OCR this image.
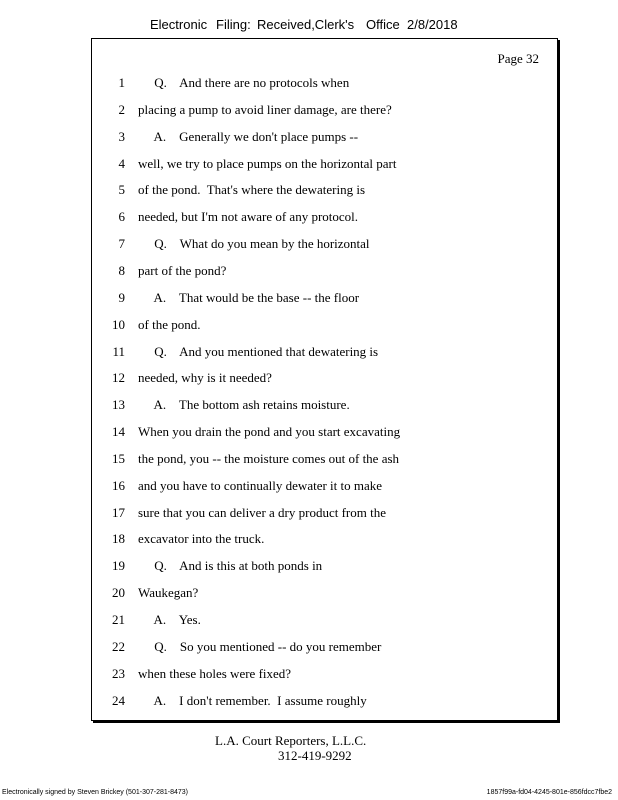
Electronic Filing: Received,Clerk's Office 2/8/2018
Page 32
1 Q.    And there are no protocols when
2 placing a pump to avoid liner damage, are there?
3 A.    Generally we don't place pumps --
4 well, we try to place pumps on the horizontal part
5 of the pond.  That's where the dewatering is
6 needed, but I'm not aware of any protocol.
7 Q.    What do you mean by the horizontal
8 part of the pond?
9 A.    That would be the base -- the floor
10 of the pond.
11 Q.    And you mentioned that dewatering is
12 needed, why is it needed?
13 A.    The bottom ash retains moisture.
14 When you drain the pond and you start excavating
15 the pond, you -- the moisture comes out of the ash
16 and you have to continually dewater it to make
17 sure that you can deliver a dry product from the
18 excavator into the truck.
19 Q.    And is this at both ponds in
20 Waukegan?
21 A.    Yes.
22 Q.    So you mentioned -- do you remember
23 when these holes were fixed?
24 A.    I don't remember.  I assume roughly
L.A. Court Reporters, L.L.C.
312-419-9292
Electronically signed by Steven Brickey (501-307-281-8473)	1857f99a-fd04-4245-801e-856fdcc7fbe2
